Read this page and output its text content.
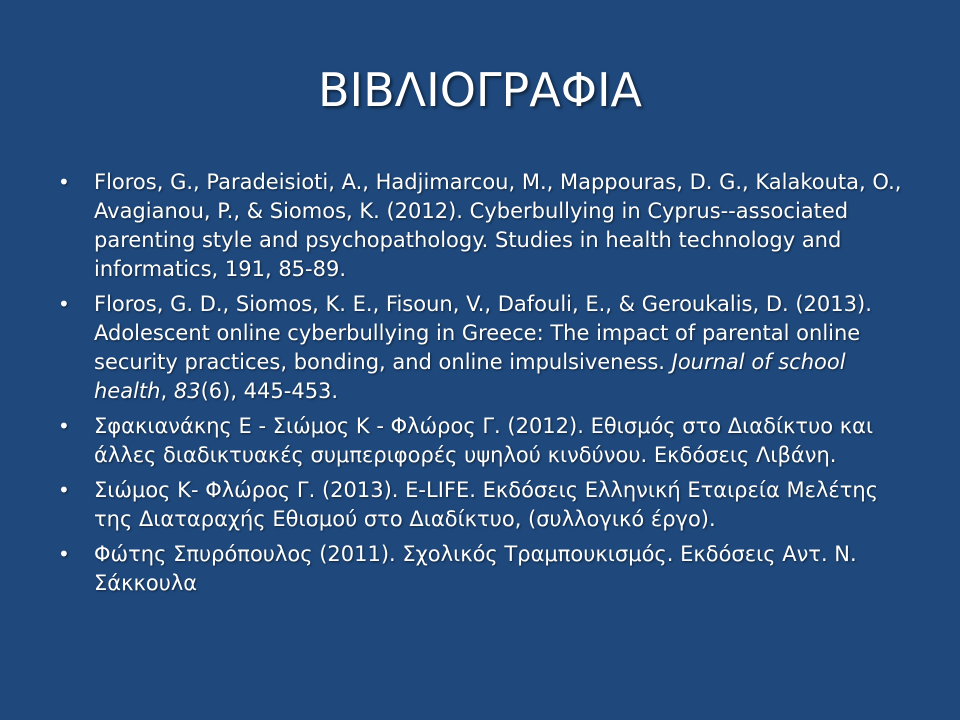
ΒΙΒΛΙΟΓΡΑΦΙΑ
• Floros, G., Paradeisioti, A., Hadjimarcou, M., Mappouras, D. G., Kalakouta, O., Avagianou, P., & Siomos, K. (2012). Cyberbullying in Cyprus--associated parenting style and psychopathology. Studies in health technology and informatics, 191, 85-89.
• Floros, G. D., Siomos, K. E., Fisoun, V., Dafouli, E., & Geroukalis, D. (2013). Adolescent online cyberbullying in Greece: The impact of parental online security practices, bonding, and online impulsiveness. Journal of school health, 83(6), 445-453.
• Σφακιανάκης Ε - Σιώμος Κ - Φλώρος Γ. (2012). Εθισμός στο Διαδίκτυο και άλλες διαδικτυακές συμπεριφορές υψηλού κινδύνου. Εκδόσεις Λιβάνη.
• Σιώμος Κ- Φλώρος Γ. (2013). E-LIFE. Εκδόσεις Ελληνική Εταιρεία Μελέτης της Διαταραχής Εθισμού στο Διαδίκτυο, (συλλογικό έργο).
• Φώτης Σπυρόπουλος (2011). Σχολικός Τραμπουκισμός. Εκδόσεις Αντ. Ν. Σάκκουλα
